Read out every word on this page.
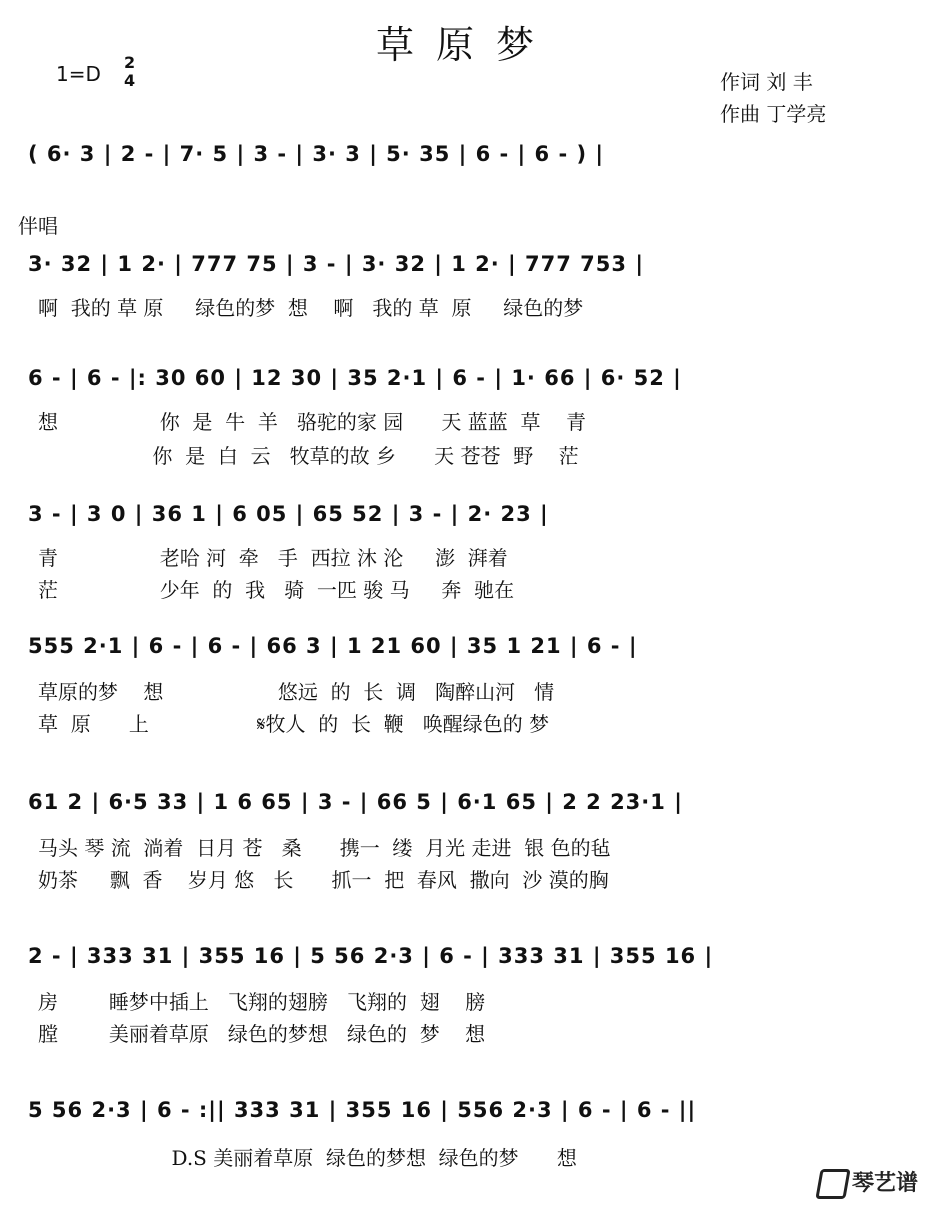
草原梦
1=D 2
4	作词 刘 丰
作曲 丁学亮
( 6· 3 | 2 - | 7· 5 | 3 - | 3· 3 | 5· 35 | 6 - | 6 - ) |
伴唱
3· 32 | 1 2· | 777 75 | 3 - | 3· 32 | 1 2· | 777 753 |
啊  我的 草 原     绿色的梦  想    啊   我的 草  原     绿色的梦
6 - | 6 - |: 30 60 | 12 30 | 35 2·1 | 6 - | 1· 66 | 6· 52 |
想                你  是  牛  羊   骆驼的家 园      天 蓝蓝  草    青
你  是  白  云   牧草的故 乡      天 苍苍  野    茫
3 - | 3 0 | 36 1 | 6 05 | 65 52 | 3 - | 2· 23 |
青                老哈 河  牵   手  西拉 沐 沦     澎  湃着
茫                少年  的  我   骑  一匹 骏 马     奔  驰在
555 2·1 | 6 - | 6 - | 66 3 | 1 21 60 | 35 1 21 | 6 - |
草原的梦    想                  悠远  的  长  调   陶醉山河   情
草  原      上                 𝄋牧人  的  长  鞭   唤醒绿色的 梦
61 2 | 6·5 33 | 1 6 65 | 3 - | 66 5 | 6·1 65 | 2 2 23·1 |
马头 琴 流  淌着  日月 苍   桑      携一  缕  月光 走进  银 色的毡
奶茶     飘  香    岁月 悠   长      抓一  把  春风  撒向  沙 漠的胸
2 - | 333 31 | 355 16 | 5 56 2·3 | 6 - | 333 31 | 355 16 |
房        睡梦中插上   飞翔的翅膀   飞翔的  翅    膀
膛        美丽着草原   绿色的梦想   绿色的  梦    想
5 56 2·3 | 6 - :|| 333 31 | 355 16 | 556 2·3 | 6 - | 6 - ||
D.S 美丽着草原  绿色的梦想  绿色的梦      想
琴艺谱
